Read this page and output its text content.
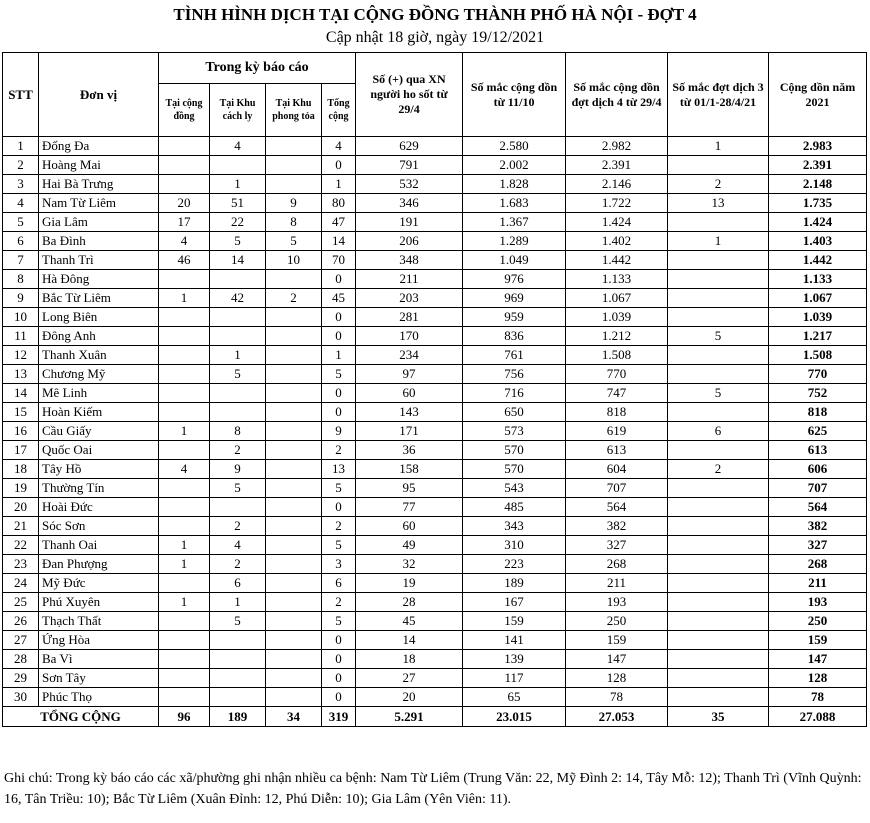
TÌNH HÌNH DỊCH TẠI CỘNG ĐỒNG THÀNH PHỐ HÀ NỘI - ĐỢT 4
Cập nhật 18 giờ, ngày 19/12/2021
STT	Đơn vị	Trong kỳ báo cáo				Số (+) qua XN người ho sốt từ 29/4	Số mắc cộng dồn từ 11/10	Số mắc cộng dồn đợt dịch 4 từ 29/4	Số mắc đợt dịch 3 từ 01/1-28/4/21	Cộng dồn năm 2021
		Tại cộng đồng	Tại Khu cách ly	Tại Khu phong tỏa	Tổng cộng					
1	Đống Đa		4		4	629	2.580	2.982	1	2.983
2	Hoàng Mai				0	791	2.002	2.391		2.391
3	Hai Bà Trưng		1		1	532	1.828	2.146	2	2.148
4	Nam Từ Liêm	20	51	9	80	346	1.683	1.722	13	1.735
5	Gia Lâm	17	22	8	47	191	1.367	1.424		1.424
6	Ba Đình	4	5	5	14	206	1.289	1.402	1	1.403
7	Thanh Trì	46	14	10	70	348	1.049	1.442		1.442
8	Hà Đông				0	211	976	1.133		1.133
9	Bắc Từ Liêm	1	42	2	45	203	969	1.067		1.067
10	Long Biên				0	281	959	1.039		1.039
11	Đông Anh				0	170	836	1.212	5	1.217
12	Thanh Xuân		1		1	234	761	1.508		1.508
13	Chương Mỹ		5		5	97	756	770		770
14	Mê Linh				0	60	716	747	5	752
15	Hoàn Kiếm				0	143	650	818		818
16	Cầu Giấy	1	8		9	171	573	619	6	625
17	Quốc Oai		2		2	36	570	613		613
18	Tây Hồ	4	9		13	158	570	604	2	606
19	Thường Tín		5		5	95	543	707		707
20	Hoài Đức				0	77	485	564		564
21	Sóc Sơn		2		2	60	343	382		382
22	Thanh Oai	1	4		5	49	310	327		327
23	Đan Phượng	1	2		3	32	223	268		268
24	Mỹ Đức		6		6	19	189	211		211
25	Phú Xuyên	1	1		2	28	167	193		193
26	Thạch Thất		5		5	45	159	250		250
27	Ứng Hòa				0	14	141	159		159
28	Ba Vì				0	18	139	147		147
29	Sơn Tây				0	27	117	128		128
30	Phúc Thọ				0	20	65	78		78
TỔNG CỘNG		96	189	34	319	5.291	23.015	27.053	35	27.088
Ghi chú: Trong kỳ báo cáo các xã/phường ghi nhận nhiều ca bệnh: Nam Từ Liêm (Trung Văn: 22, Mỹ Đình 2: 14, Tây Mỗ: 12); Thanh Trì (Vĩnh Quỳnh: 16, Tân Triều: 10); Bắc Từ Liêm (Xuân Đỉnh: 12, Phú Diễn: 10); Gia Lâm (Yên Viên: 11).
